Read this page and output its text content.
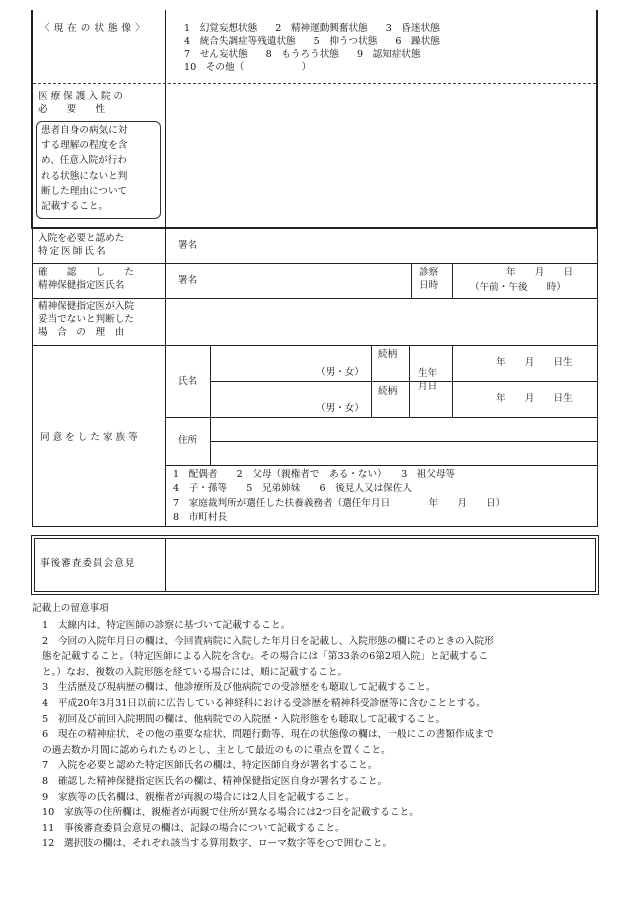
〈現在の状態像〉	1　幻覚妄想状態 2　精神運動興奮状態 3　昏迷状態
4　統合失調症等残遺状態 5　抑うつ状態 6　躁状態
7　せん妄状態 8　もうろう状態 9　認知症状態
10　その他（　　　　　　）
医療保護入院の
必　　要　　性
患者自身の病気に対
する理解の程度を含
め、任意入院が行わ
れる状態にないと判
断した理由について
記載すること。
入院を必要と認めた
特定医師氏名
署名
確　　認　　し　　た
精神保健指定医氏名	署名
診察
日時
年　　月　　日
（午前・午後　　時）
精神保健指定医が入院
妥当でないと判断した
場　合　の　理　由
同意をした家族等
氏名
（男・女）
（男・女）
続柄
続柄
生年
月日
年　　月　　日生
年　　月　　日生
住所
1　配偶者　　2　父母（親権者で　ある・ない）　　3　祖父母等
4　子・孫等　　5　兄弟姉妹　　6　後見人又は保佐人
7　家庭裁判所が選任した扶養義務者（選任年月日　　　　年　　月　　日）
8　市町村長
事後審査委員会意見
記載上の留意事項
1　太線内は、特定医師の診察に基づいて記載すること。
2　今回の入院年月日の欄は、今回貴病院に入院した年月日を記載し、入院形態の欄にそのときの入院形
態を記載すること。（特定医師による入院を含む。その場合には「第33条の6第2項入院」と記載するこ
と。）なお、複数の入院形態を経ている場合には、順に記載すること。
3　生活歴及び現病歴の欄は、他診療所及び他病院での受診歴をも聴取して記載すること。
4　平成20年3月31日以前に広告している神経科における受診歴を精神科受診歴等に含むこととする。
5　初回及び前回入院期間の欄は、他病院での入院歴・入院形態をも聴取して記載すること。
6　現在の精神症状、その他の重要な症状、問題行動等、現在の状態像の欄は、一般にこの書類作成まで
の過去数か月間に認められたものとし、主として最近のものに重点を置くこと。
7　入院を必要と認めた特定医師氏名の欄は、特定医師自身が署名すること。
8　確認した精神保健指定医氏名の欄は、精神保健指定医自身が署名すること。
9　家族等の氏名欄は、親権者が両親の場合には2人目を記載すること。
10　家族等の住所欄は、親権者が両親で住所が異なる場合には2つ目を記載すること。
11　事後審査委員会意見の欄は、記録の場合について記載すること。
12　選択肢の欄は、それぞれ該当する算用数字、ローマ数字等を○で囲むこと。
